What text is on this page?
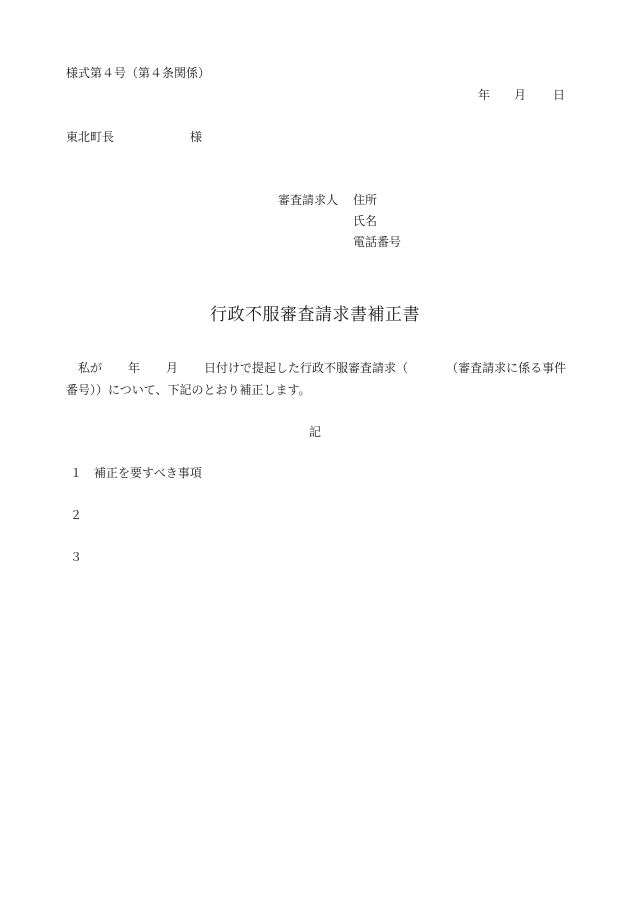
様式第４号（第４条関係）
年 月 日
東北町長	様
審査請求人 住所
氏名
電話番号
行政不服審査請求書補正書
私が 年 月 日付けで提起した行政不服審査請求（	（審査請求に係る事件
番号））について、下記のとおり補正します。
記
１ 補正を要すべき事項
２
３
